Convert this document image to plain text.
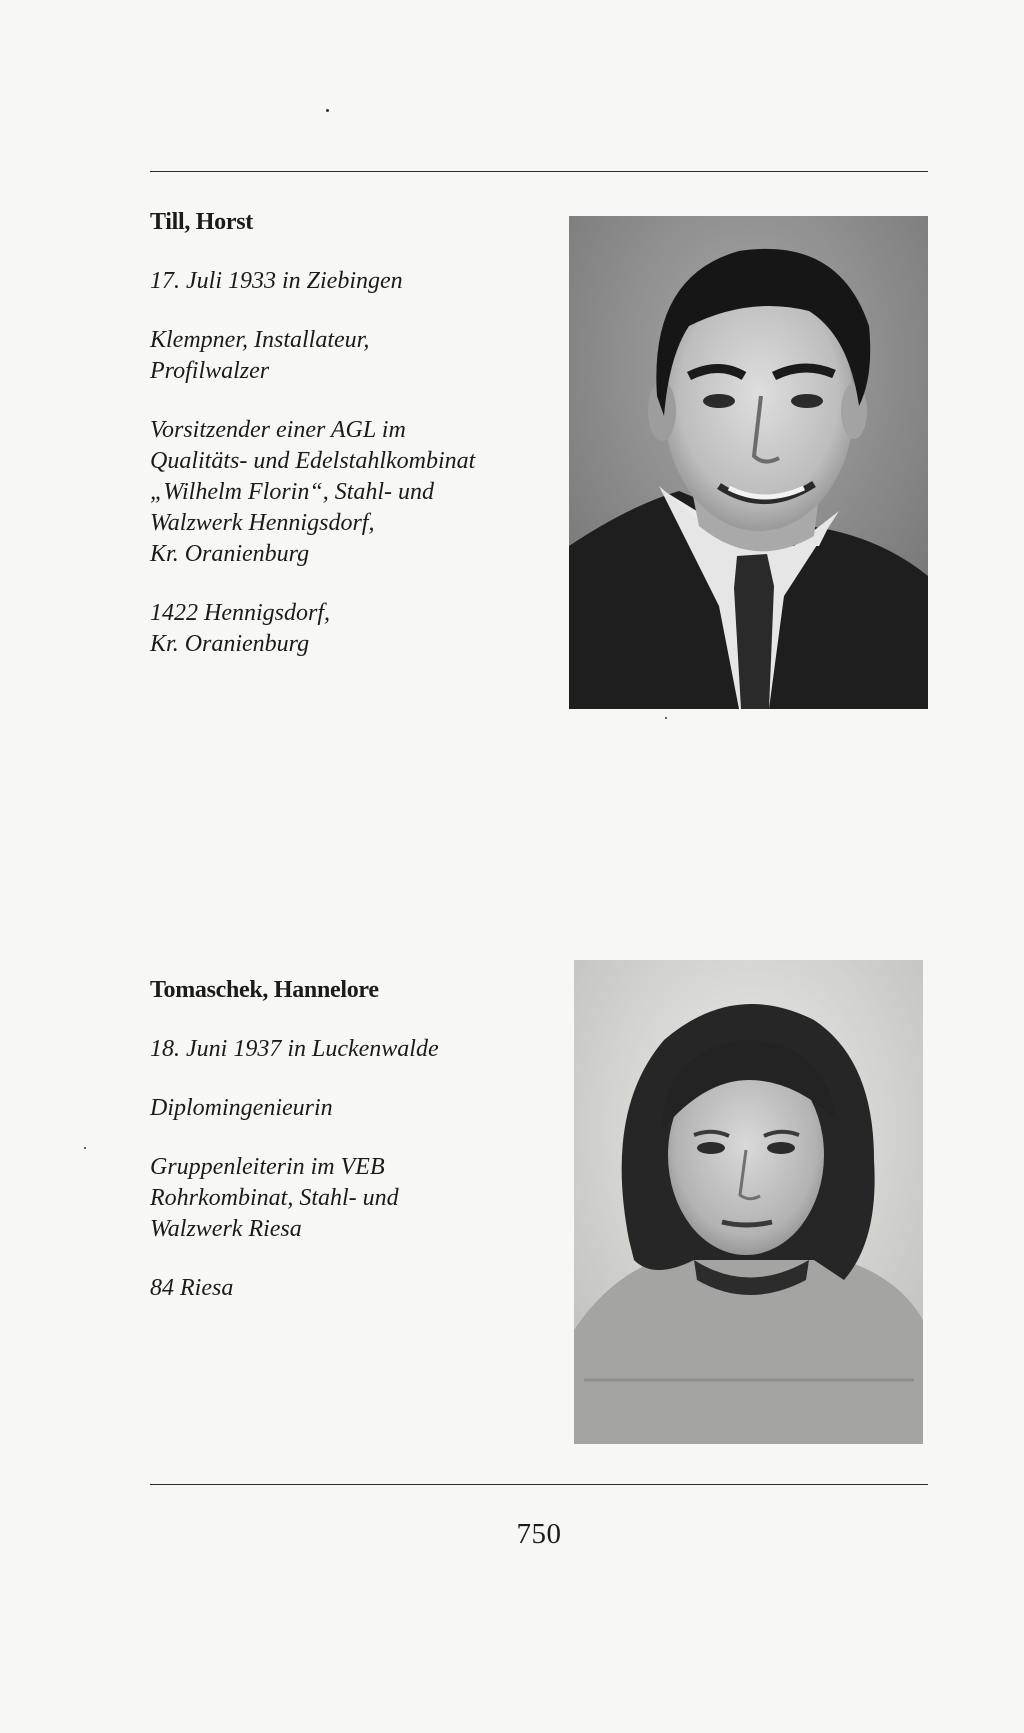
Till, Horst

17. Juli 1933 in Ziebingen

Klempner, Installateur,
Profilwalzer

Vorsitzender einer AGL im
Qualitäts- und Edelstahlkombinat
„Wilhelm Florin“, Stahl- und
Walzwerk Hennigsdorf,
Kr. Oranienburg

1422 Hennigsdorf,
Kr. Oranienburg

Tomaschek, Hannelore

18. Juni 1937 in Luckenwalde

Diplomingenieurin

Gruppenleiterin im VEB
Rohrkombinat, Stahl- und
Walzwerk Riesa

84 Riesa

750
